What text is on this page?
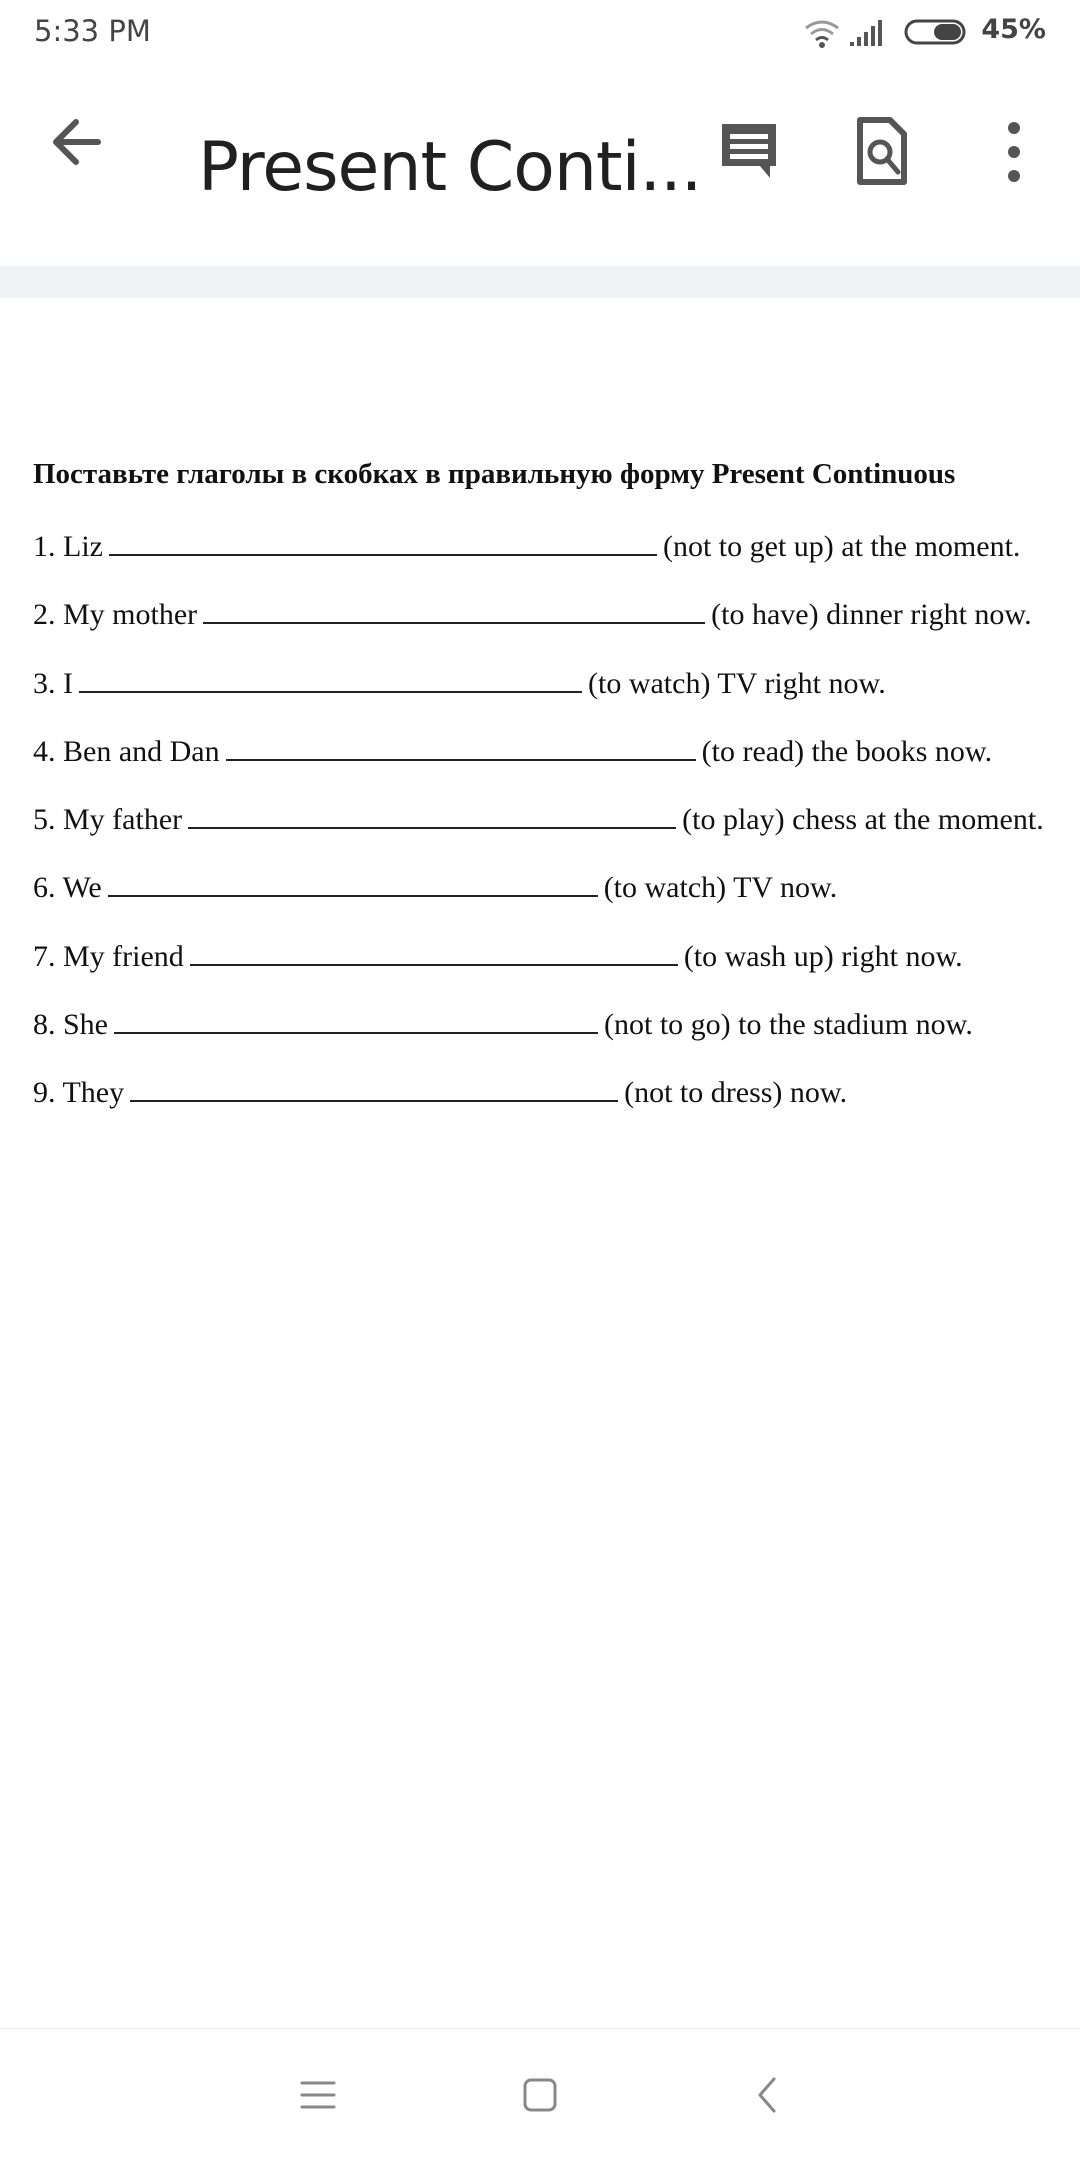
5:33 PM	45%
Present Conti...
Поставьте глаголы в скобках в правильную форму Present Continuous
1. Liz	(not to get up) at the moment.
2. My mother	(to have) dinner right now.
3. I	(to watch) TV right now.
4. Ben and Dan	(to read) the books now.
5. My father	(to play) chess at the moment.
6. We	(to watch) TV now.
7. My friend	(to wash up) right now.
8. She	(not to go) to the stadium now.
9. They	(not to dress) now.
